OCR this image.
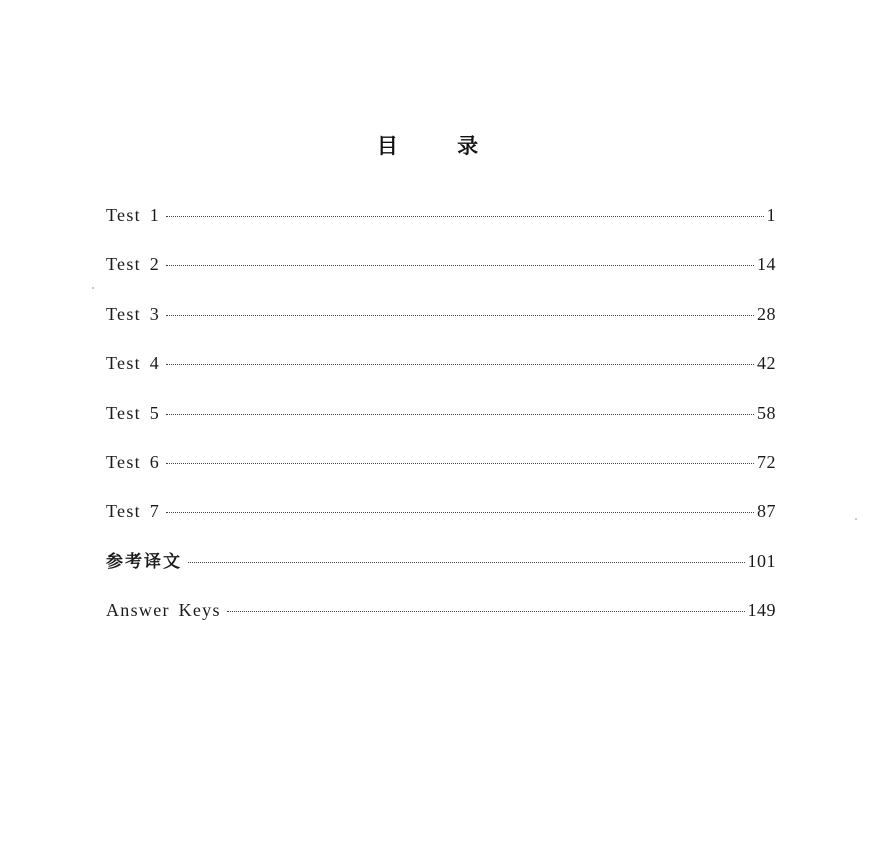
目 录
Test 1	1
Test 2	14
Test 3	28
Test 4	42
Test 5	58
Test 6	72
Test 7	87
参考译文	101
Answer Keys	149
